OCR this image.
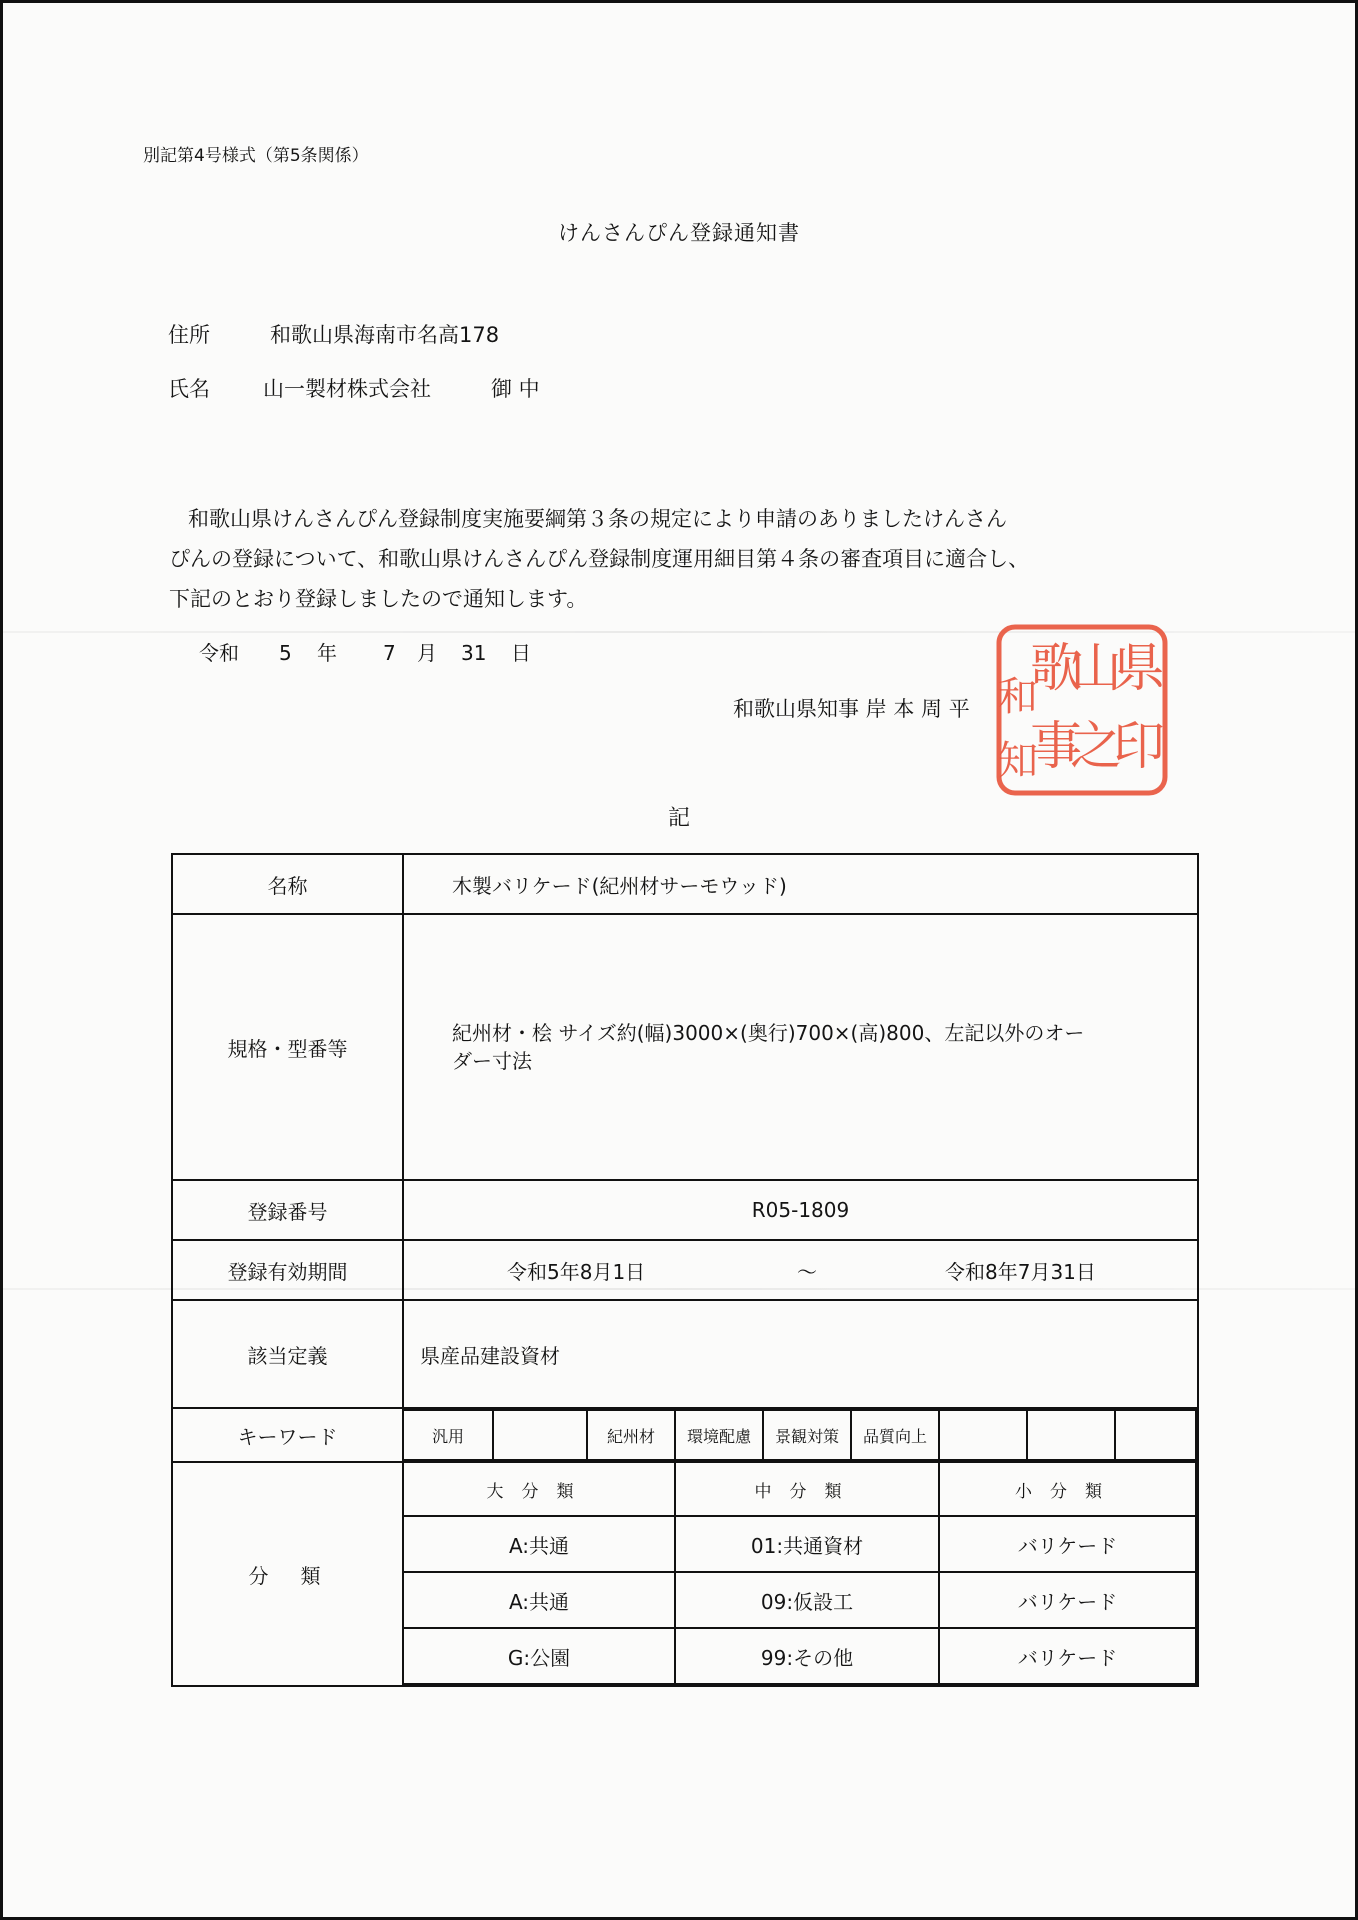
別記第4号様式（第5条関係）
けんさんぴん登録通知書
住所	和歌山県海南市名高178
氏名	山一製材株式会社	御 中
和歌山県けんさんぴん登録制度実施要綱第３条の規定により申請のありましたけんさん
ぴんの登録について、和歌山県けんさんぴん登録制度運用細目第４条の審査項目に適合し、
下記のとおり登録しましたので通知します。
令和 5 年 7 月 31 日
和歌山県知事 岸 本 周 平
県
印
山
之
歌
事
和
知
記
名称	木製バリケード(紀州材サーモウッド)
規格・型番等	
紀州材・桧 サイズ約(幅)3000×(奥行)700×(高)800、左記以外のオー
ダー寸法

登録番号	R05-1809
登録有効期間	令和5年8月1日	～	令和8年7月31日

該当定義	県産品建設資材
キーワード		汎用		紀州材	環境配慮	景観対策	品質向上			

分　類	
大分類	中分類	小分類
A:共通	01:共通資材	バリケード
A:共通	09:仮設工	バリケード
G:公園	99:その他	バリケード
